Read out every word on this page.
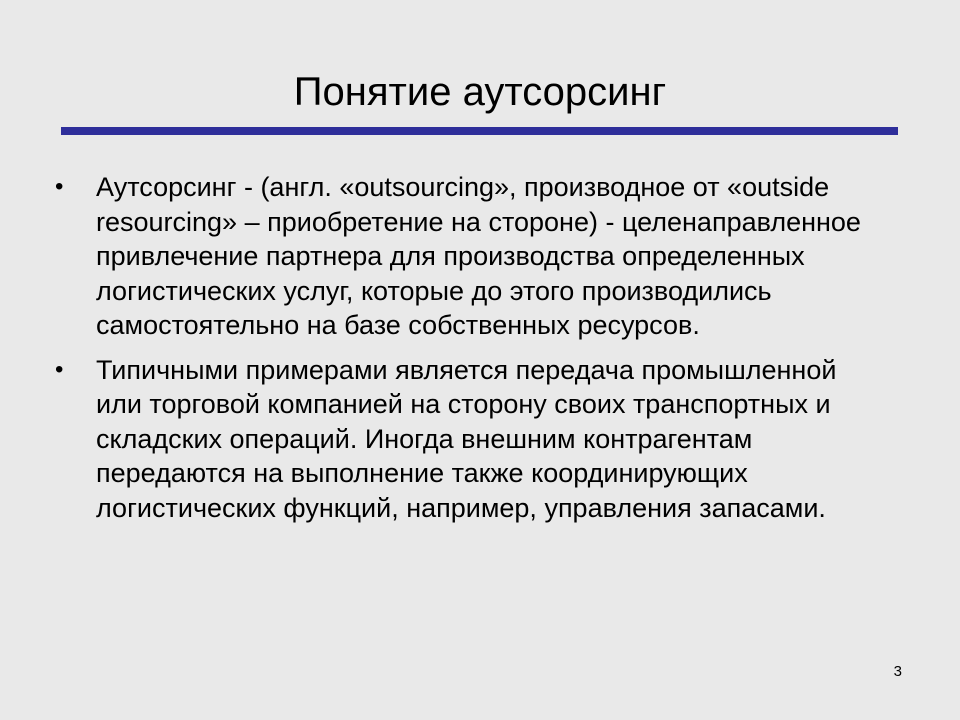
Понятие аутсорсинг
• Аутсорсинг - (англ. «outsourcing», производное от «outside resourcing» – приобретение на стороне) - целенаправленное привлечение партнера для производства определенных логистических услуг, которые до этого производились самостоятельно на базе собственных ресурсов.
• Типичными примерами является передача промышленной или торговой компанией на сторону своих транспортных и складских операций. Иногда внешним контрагентам передаются на выполнение также координирующих логистических функций, например, управления запасами.
3
